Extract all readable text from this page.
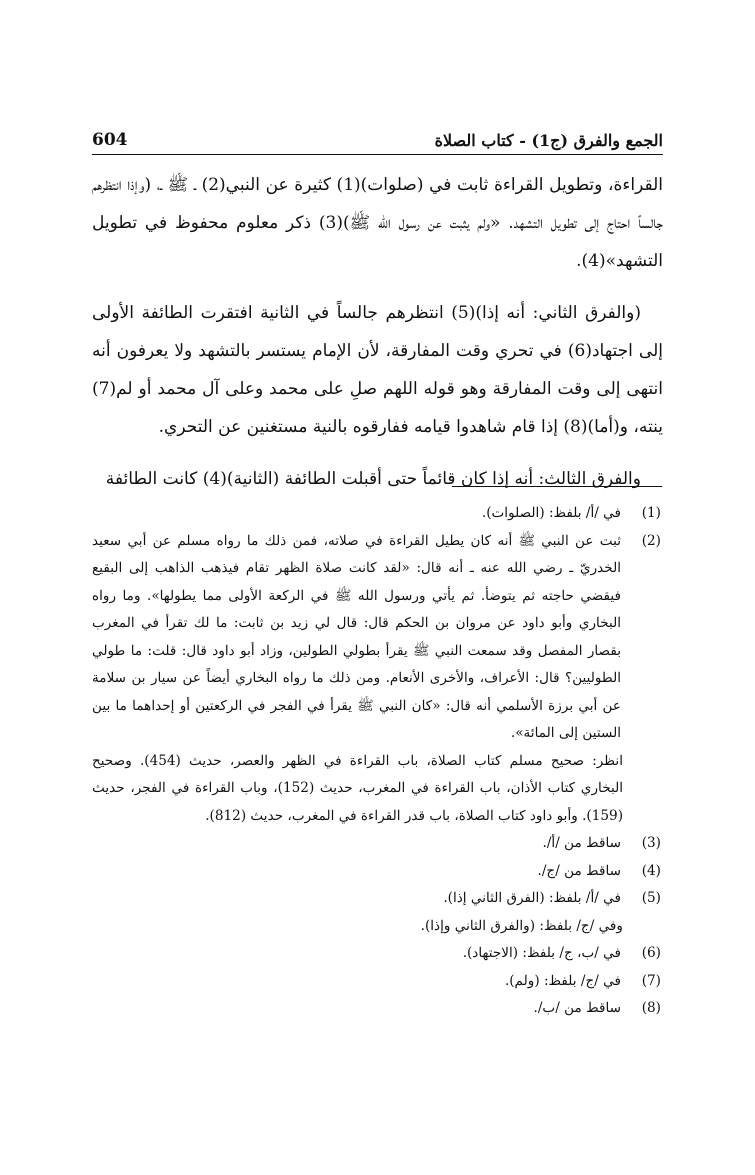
604	الجمع والفرق (ج1) - كتاب الصلاة

القراءة، وتطويل القراءة ثابت في (صلوات)(1) كثيرة عن النبي(2) ـ ﷺ ـ، (وإذا انتظرهم جالساً احتاج إلى تطويل التشهد. «ولم يثبت عن رسول الله ﷺ)(3) ذكر معلوم محفوظ في تطويل التشهد»(4).

(والفرق الثاني: أنه إذا)(5) انتظرهم جالساً في الثانية افتقرت الطائفة الأولى إلى اجتهاد(6) في تحري وقت المفارقة، لأن الإمام يستسر بالتشهد ولا يعرفون أنه انتهى إلى وقت المفارقة وهو قوله اللهم صلِ على محمد وعلى آل محمد أو لم(7) ينته، و(أما)(8) إذا قام شاهدوا قيامه ففارقوه بالنية مستغنين عن التحري.

والفرق الثالث: أنه إذا كان قائماً حتى أقبلت الطائفة (الثانية)(4) كانت الطائفة

(1)
في /أ/ بلفظ: (الصلوات).
(2)
ثبت عن النبي ﷺ أنه كان يطيل القراءة في صلاته، فمن ذلك ما رواه مسلم عن أبي سعيد الخدريّ ـ رضي الله عنه ـ أنه قال: «لقد كانت صلاة الظهر تقام فيذهب الذاهب إلى البقيع فيقضي حاجته ثم يتوضأ. ثم يأتي ورسول الله ﷺ في الركعة الأولى مما يطولها». وما رواه البخاري وأبو داود عن مروان بن الحكم قال: قال لي زيد بن ثابت: ما لك تقرأ في المغرب بقصار المفصل وقد سمعت النبي ﷺ يقرأ بطولي الطولين، وزاد أبو داود قال: قلت: ما طولي الطوليين؟ قال: الأعراف، والأخرى الأنعام. ومن ذلك ما رواه البخاري أيضاً عن سيار بن سلامة عن أبي برزة الأسلمي أنه قال: «كان النبي ﷺ يقرأ في الفجر في الركعتين أو إحداهما ما بين الستين إلى المائة».
انظر: صحيح مسلم كتاب الصلاة، باب القراءة في الظهر والعصر، حديث (454). وصحيح البخاري كتاب الأذان، باب القراءة في المغرب، حديث (152)، وباب القراءة في الفجر، حديث (159). وأبو داود كتاب الصلاة، باب قدر القراءة في المغرب، حديث (812).
(3)
ساقط من /أ/.
(4)
ساقط من /ج/.
(5)
في /أ/ بلفظ: (الفرق الثاني إذا).
وفي /ج/ بلفظ: (والفرق الثاني وإذا).
(6)
في /ب، ج/ بلفظ: (الاجتهاد).
(7)
في /ج/ بلفظ: (ولم).
(8)
ساقط من /ب/.
